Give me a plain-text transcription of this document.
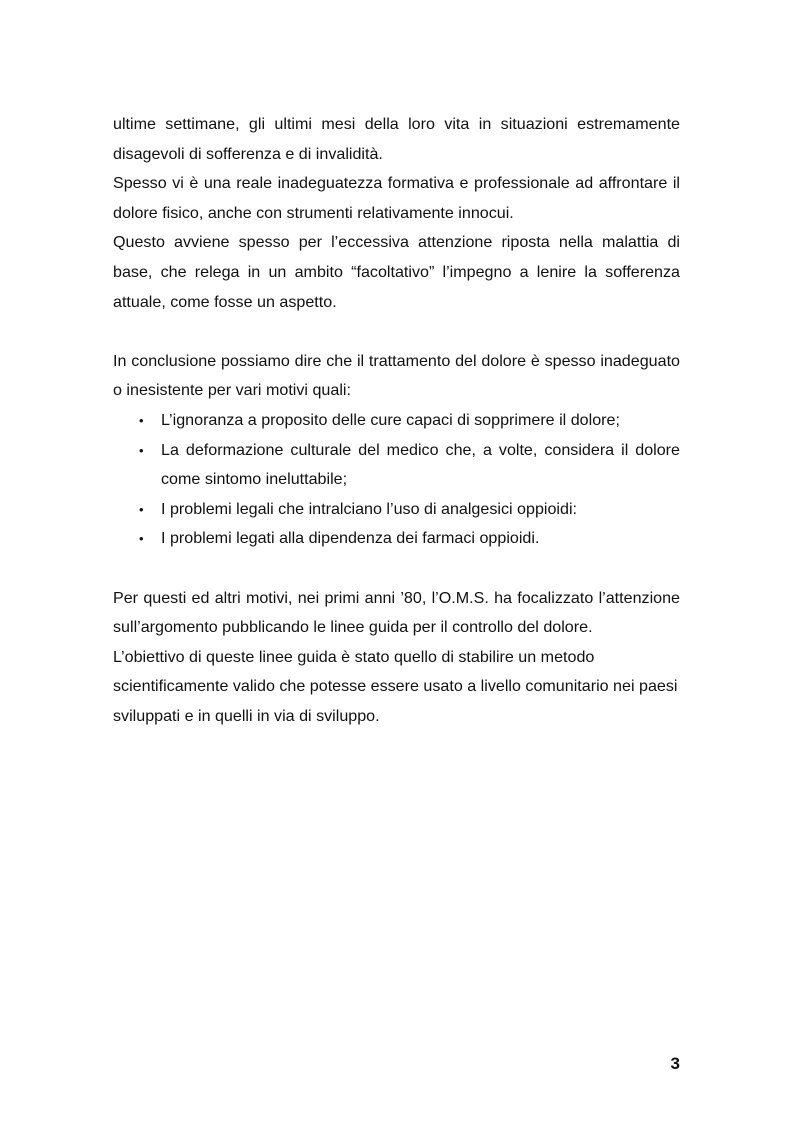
ultime settimane, gli ultimi mesi della loro vita in situazioni estremamente disagevoli di sofferenza e di invalidità.

Spesso vi è una reale inadeguatezza formativa e professionale ad affrontare il dolore fisico, anche con strumenti relativamente innocui.

Questo avviene spesso per l’eccessiva attenzione riposta nella malattia di base, che relega in un ambito “facoltativo” l’impegno a lenire la sofferenza attuale, come fosse un aspetto.

In conclusione possiamo dire che il trattamento del dolore è spesso inadeguato o inesistente per vari motivi quali:

• L’ignoranza a proposito delle cure capaci di sopprimere il dolore;
• La deformazione culturale del medico che, a volte, considera il dolore come sintomo ineluttabile;
• I problemi legali che intralciano l’uso di analgesici oppioidi:
• I problemi legati alla dipendenza dei farmaci oppioidi.

Per questi ed altri motivi, nei primi anni ’80, l’O.M.S. ha focalizzato l’attenzione sull’argomento pubblicando le linee guida per il controllo del dolore.

L’obiettivo di queste linee guida è stato quello di stabilire un metodo scientificamente valido che potesse essere usato a livello comunitario nei paesi sviluppati e in quelli in via di sviluppo.

3
